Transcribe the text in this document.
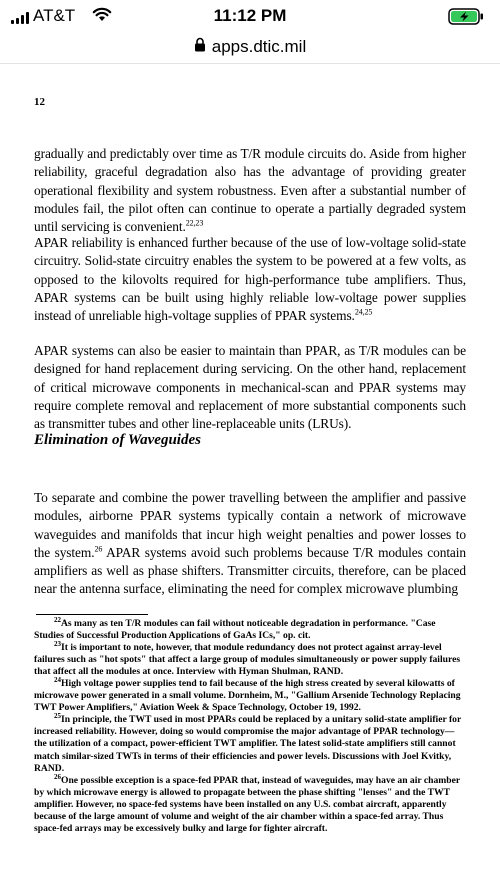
AT&T	11:12 PM
apps.dtic.mil
12

gradually and predictably over time as T/R module circuits do. Aside from higher reliability, graceful degradation also has the advantage of providing greater operational flexibility and system robustness. Even after a substantial number of modules fail, the pilot often can continue to operate a partially degraded system until servicing is convenient.$^{22,23}$

APAR reliability is enhanced further because of the use of low-voltage solid-state circuitry. Solid-state circuitry enables the system to be powered at a few volts, as opposed to the kilovolts required for high-performance tube amplifiers. Thus, APAR systems can be built using highly reliable low-voltage power supplies instead of unreliable high-voltage supplies of PPAR systems.$^{24,25}$

APAR systems can also be easier to maintain than PPAR, as T/R modules can be designed for hand replacement during servicing. On the other hand, replacement of critical microwave components in mechanical-scan and PPAR systems may require complete removal and replacement of more substantial components such as transmitter tubes and other line-replaceable units (LRUs).

Elimination of Waveguides

To separate and combine the power travelling between the amplifier and passive modules, airborne PPAR systems typically contain a network of microwave waveguides and manifolds that incur high weight penalties and power losses to the system.$^{26}$ APAR systems avoid such problems because T/R modules contain amplifiers as well as phase shifters. Transmitter circuits, therefore, can be placed near the antenna surface, eliminating the need for complex microwave plumbing

$^{22}$As many as ten T/R modules can fail without noticeable degradation in performance. "Case Studies of Successful Production Applications of GaAs ICs," op. cit.

$^{23}$It is important to note, however, that module redundancy does not protect against array-level failures such as "hot spots" that affect a large group of modules simultaneously or power supply failures that affect all the modules at once. Interview with Hyman Shulman, RAND.

$^{24}$High voltage power supplies tend to fail because of the high stress created by several kilowatts of microwave power generated in a small volume. Dornheim, M., "Gallium Arsenide Technology Replacing TWT Power Amplifiers," Aviation Week & Space Technology, October 19, 1992.

$^{25}$In principle, the TWT used in most PPARs could be replaced by a unitary solid-state amplifier for increased reliability. However, doing so would compromise the major advantage of PPAR technology—the utilization of a compact, power-efficient TWT amplifier. The latest solid-state amplifiers still cannot match similar-sized TWTs in terms of their efficiencies and power levels. Discussions with Joel Kvitky, RAND.

$^{26}$One possible exception is a space-fed PPAR that, instead of waveguides, may have an air chamber by which microwave energy is allowed to propagate between the phase shifting "lenses" and the TWT amplifier. However, no space-fed systems have been installed on any U.S. combat aircraft, apparently because of the large amount of volume and weight of the air chamber within a space-fed array. Thus space-fed arrays may be excessively bulky and large for fighter aircraft.
